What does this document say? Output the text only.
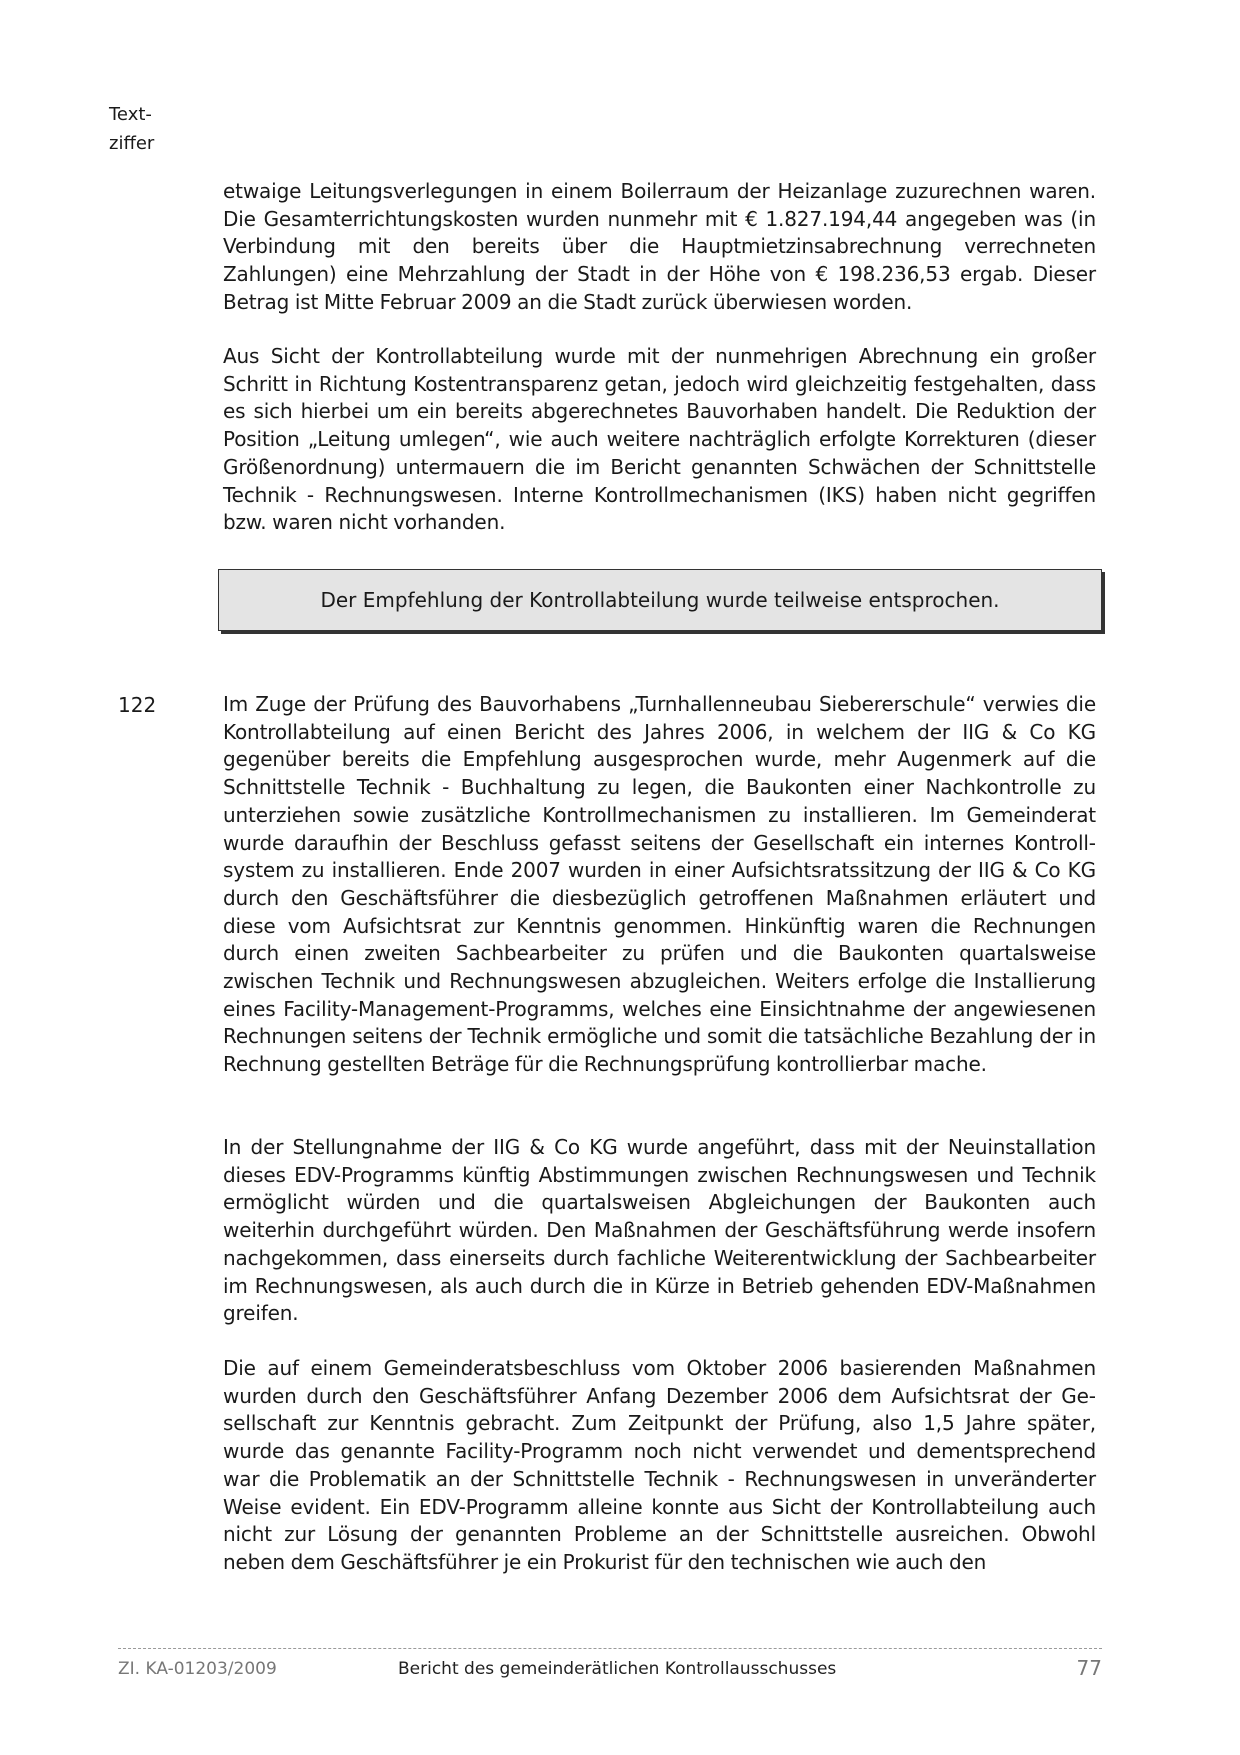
Text-
ziffer

etwaige Leitungsverlegungen in einem Boilerraum der Heizanlage zuzurechnen waren. Die Gesamterrichtungskosten wurden nunmehr mit € 1.827.194,44 angegeben was (in Verbindung mit den bereits über die Hauptmietzinsabrechnung verrechneten Zahlungen) eine Mehrzahlung der Stadt in der Höhe von € 198.236,53 ergab. Dieser Betrag ist Mitte Februar 2009 an die Stadt zurück überwiesen worden.

Aus Sicht der Kontrollabteilung wurde mit der nunmehrigen Abrechnung ein großer Schritt in Richtung Kostentransparenz getan, jedoch wird gleichzeitig festgehalten, dass es sich hierbei um ein bereits abgerechnetes Bauvorhaben handelt. Die Reduktion der Position „Leitung umlegen“, wie auch weitere nachträglich erfolgte Korrekturen (dieser Größenordnung) untermauern die im Bericht genannten Schwächen der Schnittstelle Technik - Rechnungswesen. Interne Kontrollmechanismen (IKS) haben nicht gegriffen bzw. waren nicht vorhanden.

Der Empfehlung der Kontrollabteilung wurde teilweise entsprochen.
122	Im Zuge der Prüfung des Bauvorhabens „Turnhallenneubau Siebererschule“ verwies die Kontrollabteilung auf einen Bericht des Jahres 2006, in welchem der IIG & Co KG gegenüber bereits die Empfehlung ausgesprochen wurde, mehr Augenmerk auf die Schnittstelle Technik - Buchhaltung zu legen, die Baukonten einer Nachkontrolle zu unterziehen sowie zusätzliche Kontrollmechanismen zu installieren. Im Gemeinderat wurde daraufhin der Beschluss gefasst seitens der Gesellschaft ein internes Kontrollsystem zu installieren. Ende 2007 wurden in einer Aufsichtsratssitzung der IIG & Co KG durch den Geschäftsführer die diesbezüglich getroffenen Maßnahmen erläutert und diese vom Aufsichtsrat zur Kenntnis genommen. Hinkünftig waren die Rechnungen durch einen zweiten Sachbearbeiter zu prüfen und die Baukonten quartalsweise zwischen Technik und Rechnungswesen abzugleichen. Weiters erfolge die Installierung eines Facility-Management-Programms, welches eine Einsichtnahme der angewiesenen Rechnungen seitens der Technik ermögliche und somit die tatsächliche Bezahlung der in Rechnung gestellten Beträge für die Rechnungsprüfung kontrollierbar mache.

In der Stellungnahme der IIG & Co KG wurde angeführt, dass mit der Neuinstallation dieses EDV-Programms künftig Abstimmungen zwischen Rechnungswesen und Technik ermöglicht würden und die quartalsweisen Abgleichungen der Baukonten auch weiterhin durchgeführt würden. Den Maßnahmen der Geschäftsführung werde insofern nachgekommen, dass einerseits durch fachliche Weiterentwicklung der Sachbearbeiter im Rechnungswesen, als auch durch die in Kürze in Betrieb gehenden EDV-Maßnahmen greifen.

Die auf einem Gemeinderatsbeschluss vom Oktober 2006 basierenden Maßnahmen wurden durch den Geschäftsführer Anfang Dezember 2006 dem Aufsichtsrat der Gesellschaft zur Kenntnis gebracht. Zum Zeitpunkt der Prüfung, also 1,5 Jahre später, wurde das genannte Facility-Programm noch nicht verwendet und dementsprechend war die Problematik an der Schnittstelle Technik - Rechnungswesen in unveränderter Weise evident. Ein EDV-Programm alleine konnte aus Sicht der Kontrollabteilung auch nicht zur Lösung der genannten Probleme an der Schnittstelle ausreichen. Obwohl neben dem Geschäftsführer je ein Prokurist für den technischen wie auch den

ZI. KA-01203/2009	Bericht des gemeinderätlichen Kontrollausschusses	77
